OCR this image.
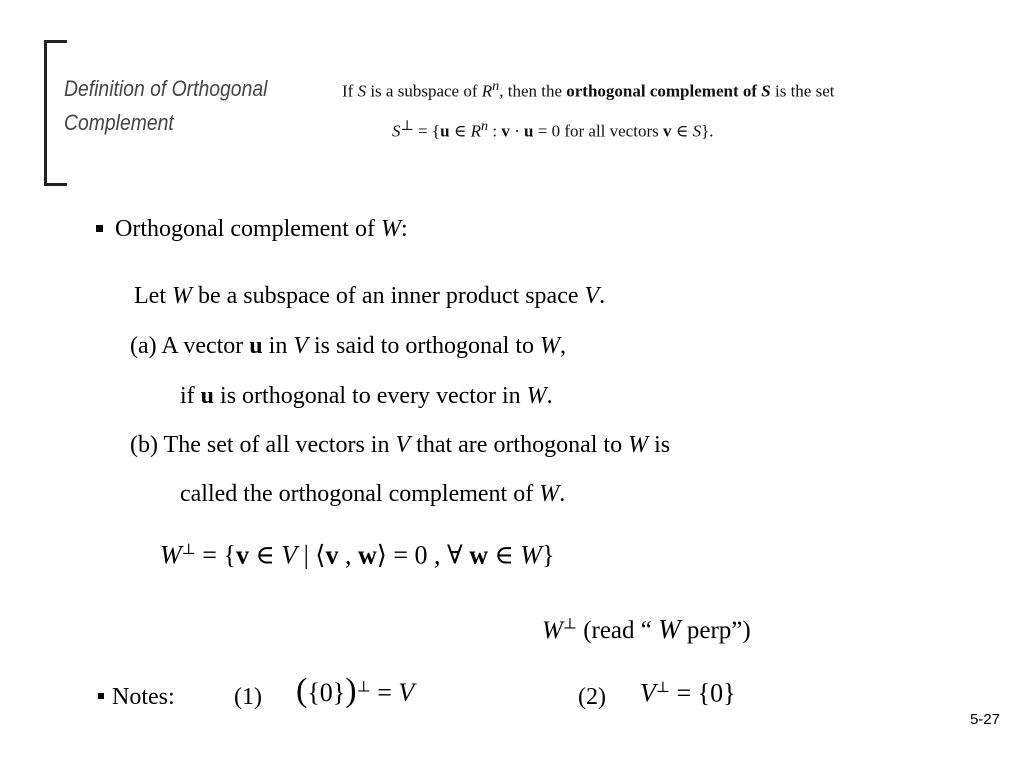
Definition of Orthogonal Complement
If S is a subspace of $R^n$, then the orthogonal complement of S is the set
S⊥ = {u ∈ $R^n$ : v · u = 0 for all vectors v ∈ S}.
Orthogonal complement of W:
Let W be a subspace of an inner product space V.
(a) A vector u in V is said to orthogonal to W,
if u is orthogonal to every vector in W.
(b) The set of all vectors in V that are orthogonal to W is
called the orthogonal complement of W.
W⊥ = {v ∈ V | ⟨v , w⟩ = 0 , ∀ w ∈ W}
W⊥ (read “ W perp”)
Notes: (1) ({0})⊥ = V	(2) V⊥ = {0}
5-27
